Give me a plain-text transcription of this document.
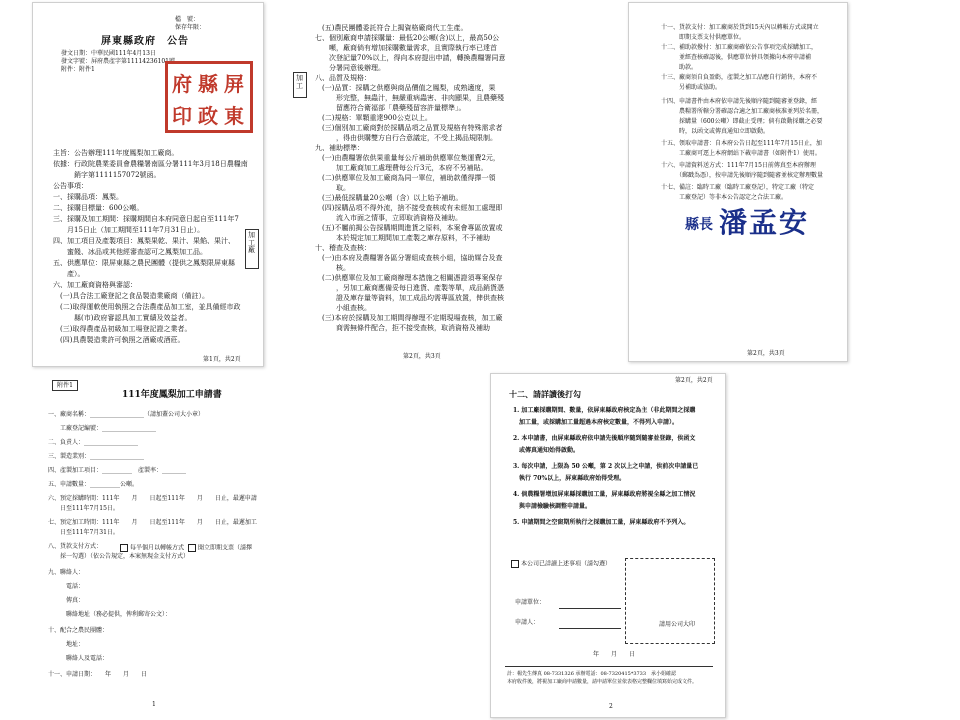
檔　號：
保存年限：
屏東縣政府　公告
發文日期：中華民國111年4月13日
發文字號：屏府農產字第11114236101號
附件：附件1
屏
東
縣
政
府
印
主旨：公告辦理111年度鳳梨加工廠商。
依據：行政院農業委員會農糧署南區分署111年3月18日農糧南
　　　銷字第1111157072號函。
公告事項：
一、採購品項：鳳梨。
二、採購目標量：600公噸。
三、採購及加工期間：採購期間自本府同意日起自至111年7
　　月15日止（加工期間至111年7月31日止）。
四、加工項目及產製項目：鳳梨果乾、果汁、果餡、果汁、
　　蜜餞、冰品或其他經審查認可之鳳梨加工品。
五、供應單位：限屏東縣之農民團體（提供之鳳梨限屏東縣
　　產）。
六、加工廠商資格與審認：
　(一)具合法工廠登記之食品製造業廠商（備註）。
　(二)取得運軟使用執照之合法農產品加工室，並具備經市政
　　　縣(市)政府審認具加工實績及效益者。
　(三)取得農產品初級加工場登記證之業者。
　(四)具農製造業許可執照之酒廠或酒莊。
加工廠
第1頁，共2頁
　(五)農民團體委託符合上揭資格廠商代工生產。
七、個別廠商申請採購量：最低20公噸(含)以上，最高50公
　　噸，廠商倘有增加採購數量需求，且實際執行率已達首
　　次登記量70%以上，得向本府提出申請，轉換農糧署同意
　　分署同意後辦理。
八、品質及規格：
　(一)品質：採購之供應與商品價值之鳳梨，成熟適度，果
　　　形完整，無蟲汁，無嚴重病蟲害、非肉顯果，且農藥殘
　　　留應符合衛福部「農藥殘留容許量標準」。
　(二)規格：單顆重達900公克以上。
　(三)個別加工廠商對於採購品項之品質及規格有特殊需求者
　　　，得由供購雙方自行合意議定，不受上揭品規限制。
九、補助標準：
　(一)由農糧署依供果重量每公斤補助供應單位集運費2元，
　　　加工廠商加工處理費每公斤3元，本府不另補貼。
　(二)供應單位及加工廠商為同一單位，補助款僅得擇一領
　　　取。
　(三)最低採購量20公噸（含）以上始予補助。
　(四)採購品項不得外流，捨不接受查核或有未經加工處理即
　　　流入市面之情事，立即取消資格及補助。
　(五)不屬前揭公告採購期間進貨之原料，本案會專區放置或
　　　本於規定加工期間加工產製之庫存原料，不予補助
十、稽查及查核：
　(一)由本府及農糧署各區分署組成查核小組，協助媒合及查
　　　核。
　(二)供應單位及加工廠商辦理本措施之相關憑證須專案保存
　　　，另加工廠商應備妥每日進貨、產製等單，成品銷貨憑
　　　證及庫存量等資料，加工成品均需專區放置，俾供查核
　　　小組查核。
　(三)本府於採購及加工期間得辦理不定期現場查核，加工廠
　　　商需無條件配合，拒不接受查核，取消資格及補助
加工
第2頁，共3頁
十一、貨款支付：加工廠商於貨到15天內以轉帳方式或開立
　　　即期支票支付供應單位。
十二、補助款撥付：加工廠商確依公告事項完成採購加工，
　　　並經查核確認後，供應單位併具領據向本府申請補
　　　助款。
十三、廠商須自負盈虧，產製之加工品應自行銷售，本府不
　　　另補助或協助。
十四、申請書件由本府依申請先後順序隨到隨審並登錄，經
　　　農糧署所轄分署確認合適之加工廠商核准並列於名冊，
　　　採購量（600公噸）即截止受理；倘有啟動採購之必要
　　　時，以函文或傳真通知立即啟動。
十五、領取申請書：自本府公告日起至111年7月15日止，加
　　　工廠商可逕上本府網站下載申請書（如附件1）使用。
十六、申請資料送方式：111年7月15日前傳真至本府辦理
　　　（郵戳為憑），按申請先後順序隨到隨審並核定辦理數量
十七、備註：臨時工廠（臨時工廠登記），特定工廠（特定
　　　工廠登記）等非本公告認定之合法工廠。
縣長 潘孟安
第2頁，共3頁
附件1
111年度鳳梨加工申請書
一、廠商名稱：__________________（請加蓋公司大小章）
　　工廠登記編號：__________________
二、負責人：__________________
三、製造業別：__________________
四、產製加工項目：__________　產製率：________
五、申請數量：__________公噸。
六、預定採購時間：111年　　月　　日起至111年　　月　　日止，最遲申請
　　日至111年7月15日。
七、預定加工時間：111年　　月　　日起至111年　　月　　日止，最遲加工
　　日至111年7月31日。
八、貨款支付方式：	每半個月以轉帳方式	開立即期支票（請擇
　　採一勾選）（依公告規定，本案無現金支付方式）
九、聯絡人：
　　　電話：
　　　傳真：
　　　聯絡地址（務必提供，俾利郵寄公文）：
十、配合之農民團體：
　　　地址：
　　　聯絡人及電話：
十一、申請日期：　　年　　月　　日
1
第2頁，共2頁
十二、請詳讀後打勾
1. 加工廠採購期間、數量，依屏東縣政府核定為主（非此期間之採購
　加工量，或採購加工量超過本府核定數量，不得列入申請）。
2. 本申請書，由屏東縣政府依申請先後順序隨到隨審並登錄，俟函文
　或傳真通知始得啟動。
3. 每次申請，上限為 50 公噸，第 2 次以上之申請，俟前次申請量已
　執行 70%以上，屏東縣政府始得受理。
4. 倘農糧署增加屏東縣採購加工量，屏東縣政府將視全縣之加工情況
　與申請檢驗核調整申請量。
5. 申請期間之空窗期所執行之採購加工量，屏東縣政府不予列入。
本公司已詳讀上述事項（請勾選）
申請單位：
申請人：	請用公司大印
年　　月　　日
計：楊先生傳真 08-7331326 承辦電話：08-7320415*3733　承小姐確認
本府收件後，將視加工廠商申請數量，請申請單位並依表格完整欄位填寫始完成文件。
2
